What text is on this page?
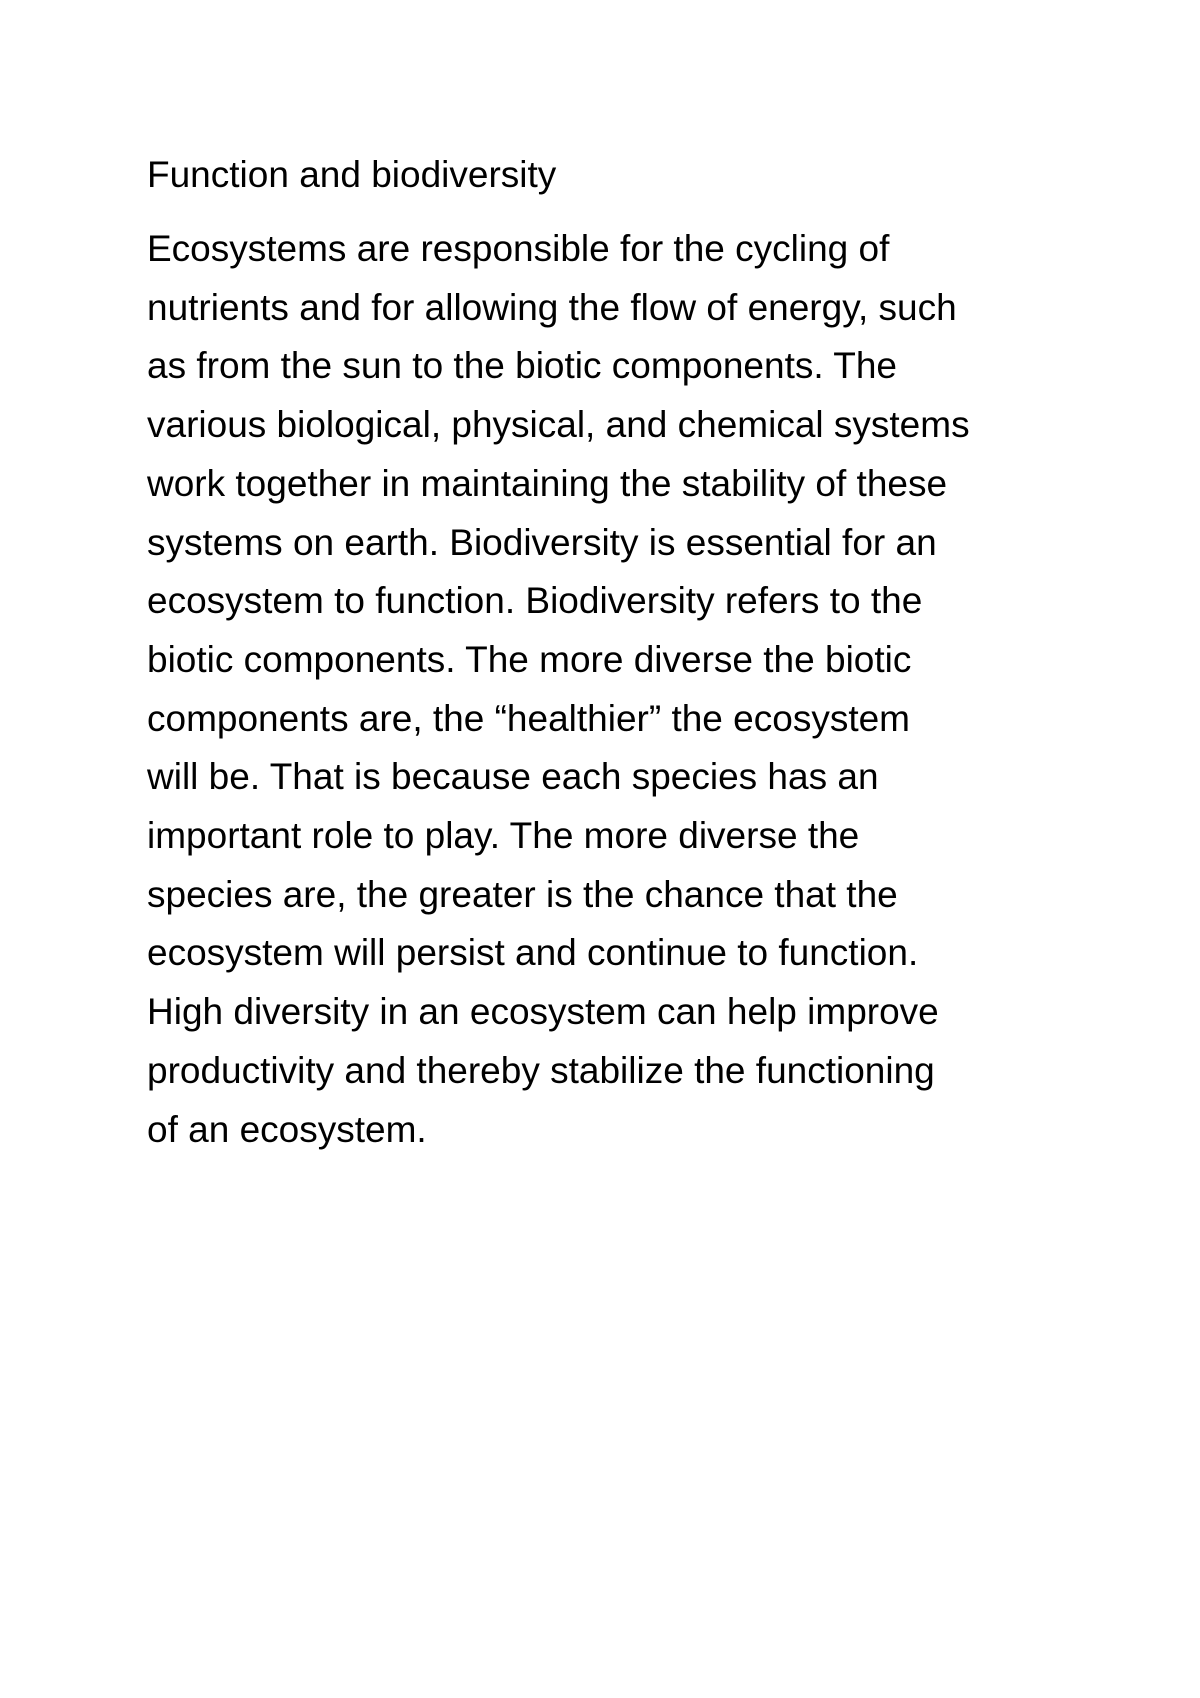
Function and biodiversity
Ecosystems are responsible for the cycling of
nutrients and for allowing the flow of energy, such
as from the sun to the biotic components. The
various biological, physical, and chemical systems
work together in maintaining the stability of these
systems on earth. Biodiversity is essential for an
ecosystem to function. Biodiversity refers to the
biotic components. The more diverse the biotic
components are, the “healthier” the ecosystem
will be. That is because each species has an
important role to play. The more diverse the
species are, the greater is the chance that the
ecosystem will persist and continue to function.
High diversity in an ecosystem can help improve
productivity and thereby stabilize the functioning
of an ecosystem.
